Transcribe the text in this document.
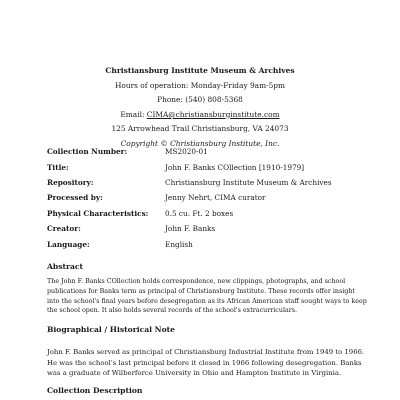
Christiansburg Institute Museum & Archives
Hours of operation: Monday-Friday 9am-5pm
Phone: (540) 808-5368
Email: CIMA@christiansburginstitute.com
125 Arrowhead Trail Christiansburg, VA 24073
Copyright © Christiansburg Institute, Inc.
Collection Number:	MS2020-01
Title:	John F. Banks COllection [1910-1979]
Repository:	Christiansburg Institute Museum & Archives
Processed by:	Jenny Nehrt, CIMA curator
Physical Characteristics:	0.5 cu. Ft. 2 boxes
Creator:	John F. Banks
Language:	English
Abstract

The John F. Banks COllection holds correspondence, new clippings, photographs, and school publications for Banks term as principal of Christiansburg Institute. These records offer insight into the school's final years before desegregation as its African American staff sought ways to keep the school open. It also holds several records of the school's extracurriculars.

Biographical / Historical Note

John F. Banks served as principal of Christiansburg Industrial Institute from 1949 to 1966. He was the school's last principal before it closed in 1966 following desegregation. Banks was a graduate of Wilberforce University in Ohio and Hampton Institute in Virginia.

Collection Description
